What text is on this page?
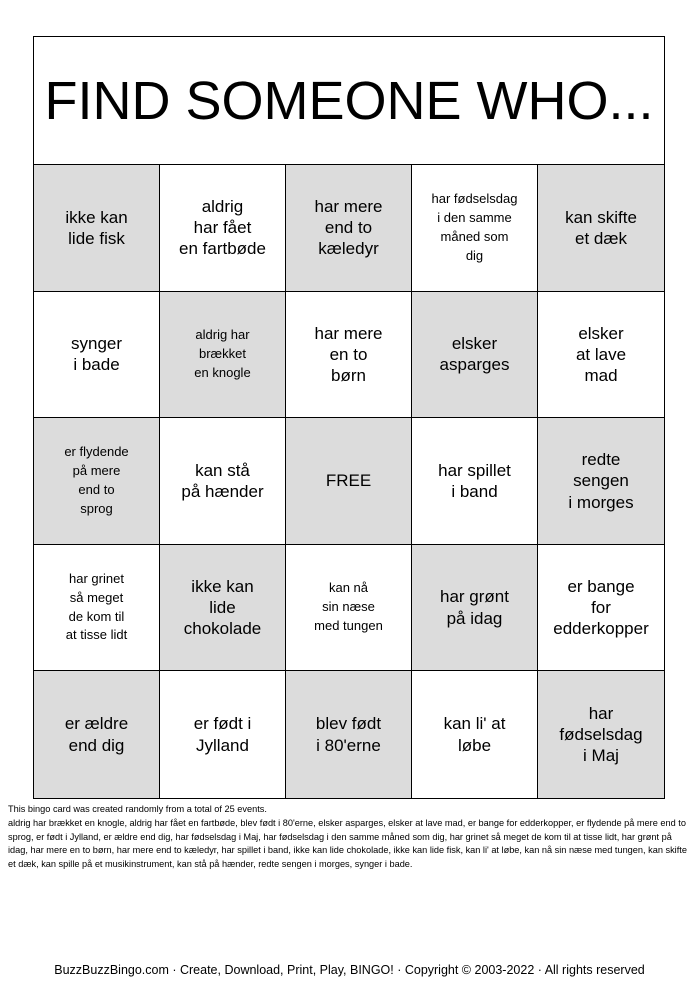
FIND SOMEONE WHO...
ikke kan
lide fisk
aldrig
har fået
en fartbøde
har mere
end to
kæledyr
har fødselsdag
i den samme
måned som
dig
kan skifte
et dæk
synger
i bade
aldrig har
brækket
en knogle
har mere
en to
børn
elsker
asparges
elsker
at lave
mad
er flydende
på mere
end to
sprog
kan stå
på hænder
FREE
har spillet
i band
redte
sengen
i morges
har grinet
så meget
de kom til
at tisse lidt
ikke kan
lide
chokolade
kan nå
sin næse
med tungen
har grønt
på idag
er bange
for
edderkopper
er ældre
end dig
er født i
Jylland
blev født
i 80'erne
kan li' at
løbe
har
fødselsdag
i Maj
This bingo card was created randomly from a total of 25 events.
aldrig har brækket en knogle, aldrig har fået en fartbøde, blev født i 80'erne, elsker asparges, elsker at lave mad, er bange for edderkopper, er flydende på mere end to sprog, er født i Jylland, er ældre end dig, har fødselsdag i Maj, har fødselsdag i den samme måned som dig, har grinet så meget de kom til at tisse lidt, har grønt på idag, har mere en to børn, har mere end to kæledyr, har spillet i band, ikke kan lide chokolade, ikke kan lide fisk, kan li' at løbe, kan nå sin næse med tungen, kan skifte et dæk, kan spille på et musikinstrument, kan stå på hænder, redte sengen i morges, synger i bade.
BuzzBuzzBingo.com · Create, Download, Print, Play, BINGO! · Copyright © 2003-2022 · All rights reserved
